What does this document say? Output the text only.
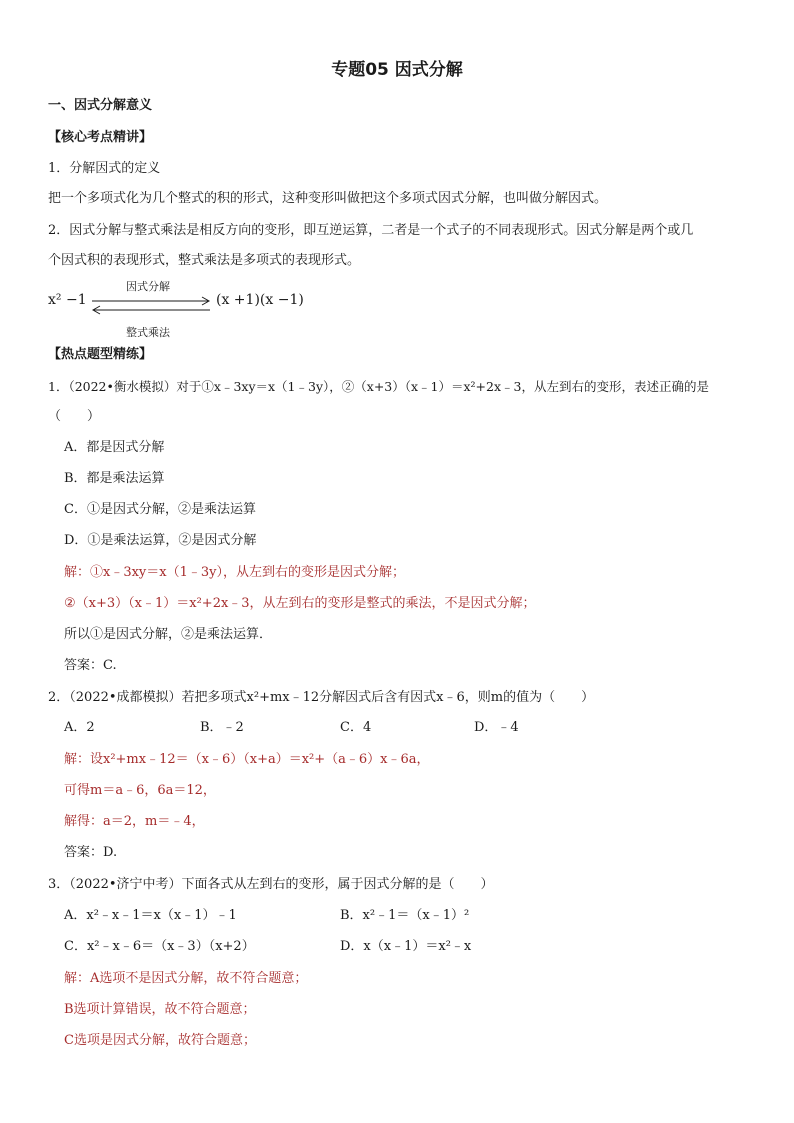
专题05 因式分解
一、因式分解意义
【核心考点精讲】
1．分解因式的定义
把一个多项式化为几个整式的积的形式，这种变形叫做把这个多项式因式分解，也叫做分解因式。
2．因式分解与整式乘法是相反方向的变形，即互逆运算，二者是一个式子的不同表现形式。因式分解是两个或几
个因式积的表现形式，整式乘法是多项式的表现形式。
x² −1
因式分解
(x +1)(x −1)
整式乘法
【热点题型精练】
1．（2022•衡水模拟）对于①x﹣3xy＝x（1﹣3y），②（x+3）（x﹣1）＝x²+2x﹣3，从左到右的变形，表述正确的是
（　　）
A．都是因式分解
B．都是乘法运算
C．①是因式分解，②是乘法运算
D．①是乘法运算，②是因式分解
解：①x﹣3xy＝x（1﹣3y），从左到右的变形是因式分解；
②（x+3）（x﹣1）＝x²+2x﹣3，从左到右的变形是整式的乘法，不是因式分解；
所以①是因式分解，②是乘法运算．
答案：C.
2．（2022•成都模拟）若把多项式x²+mx﹣12分解因式后含有因式x﹣6，则m的值为（　　）
A．2	B．﹣2	C．4	D．﹣4
解：设x²+mx﹣12＝（x﹣6）（x+a）＝x²+（a﹣6）x﹣6a，
可得m＝a﹣6，6a＝12，
解得：a＝2，m＝﹣4，
答案：D.
3．（2022•济宁中考）下面各式从左到右的变形，属于因式分解的是（　　）
A．x²﹣x﹣1＝x（x﹣1）﹣1	B．x²﹣1＝（x﹣1）²
C．x²﹣x﹣6＝（x﹣3）（x+2）	D．x（x﹣1）＝x²﹣x
解：A选项不是因式分解，故不符合题意；
B选项计算错误，故不符合题意；
C选项是因式分解，故符合题意；
